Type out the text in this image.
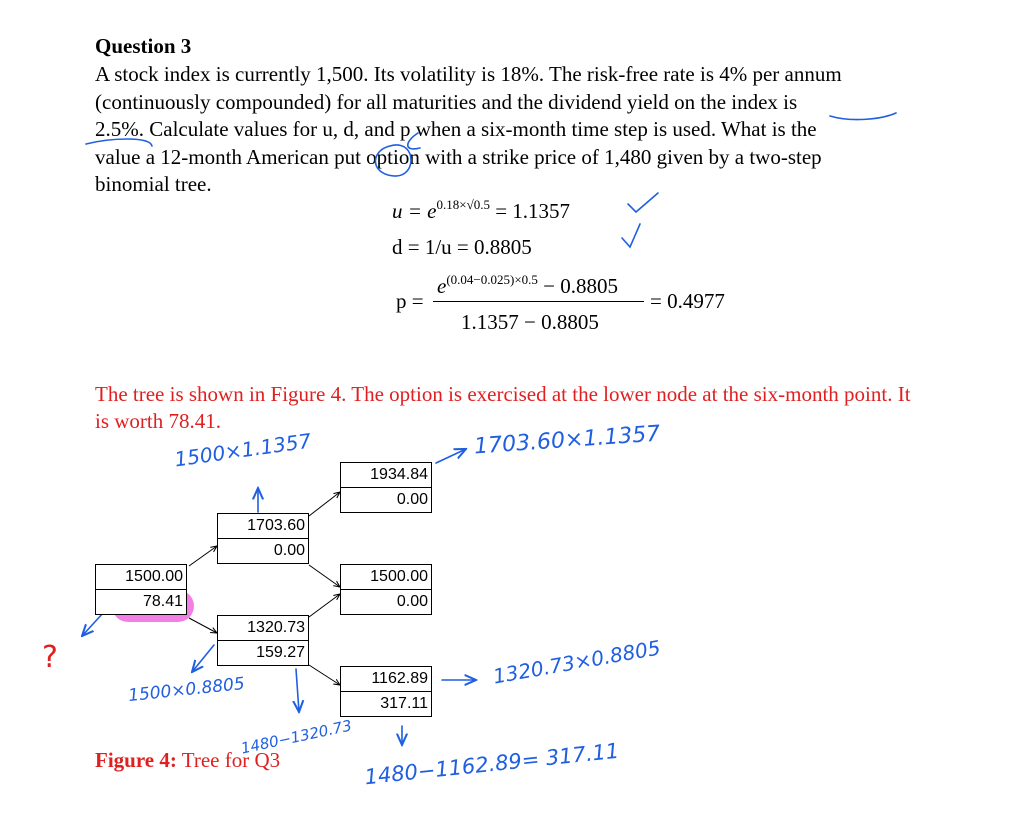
Question 3
A stock index is currently 1,500. Its volatility is 18%. The risk-free rate is 4% per annum
(continuously compounded) for all maturities and the dividend yield on the index is
2.5%. Calculate values for u, d, and p when a six-month time step is used. What is the
value a 12-month American put option with a strike price of 1,480 given by a two-step
binomial tree.
$u = e^{0.18\times√0.5} = 1.1357$
d = 1/u = 0.8805
p =
$e^{(0.04-0.025)\times 0.5} - 0.8805$
1.1357 − 0.8805
= 0.4977
The tree is shown in Figure 4. The option is exercised at the lower node at the six-month point. It
is worth 78.41.
1500.00
78.41
1703.60
0.00
1320.73
159.27
1934.84
0.00
1500.00
0.00
1162.89
317.11
Figure 4: Tree for Q3
1500×1.1357	1703.60×1.1357
1500×0.8805
1320.73×0.8805
1480−1320.73
1480−1162.89= 317.11
?
